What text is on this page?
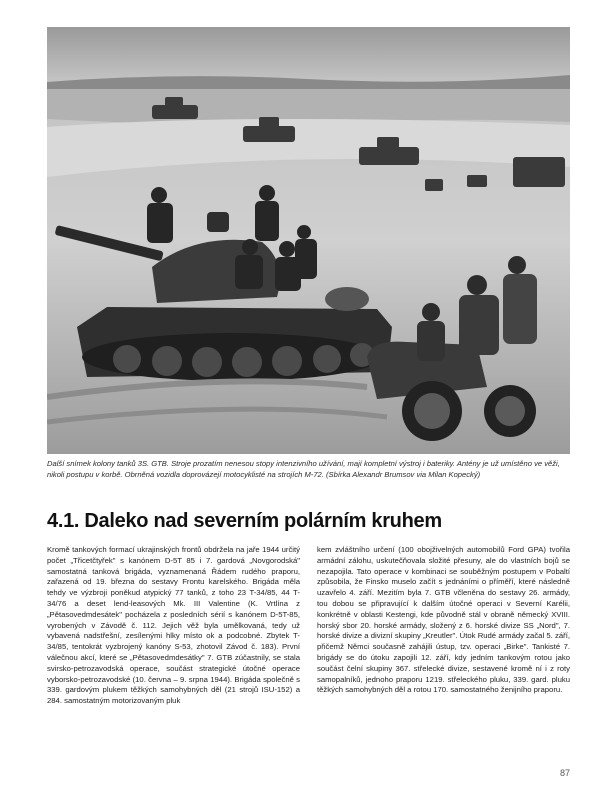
Další snímek kolony tanků 3S. GTB. Stroje prozatím nenesou stopy intenzivního užívání, mají kompletní výstroj i bateriky. Antény je už umístěno ve věži, nikoli postupu v korbě. Obrněná vozidla doprovázejí motocyklisté na strojích M-72. (Sbírka Alexandr Brumsov via Milan Kopecký)

4.1. Daleko nad severním polárním kruhem

Kromě tankových formací ukrajinských frontů obdržela na jaře 1944 určitý počet „Třicetčtyřek" s kanónem D-5T 85 i 7. gardová „Novgorodská" samostatná tanková brigáda, vyznamenaná Řádem rudého praporu, zařazená od 19. března do sestavy Frontu karelského. Brigáda měla tehdy ve výzbroji poněkud atypický 77 tanků, z toho 23 T-34/85, 44 T-34/76 a deset lend-leasových Mk. III Valentine (K. Vrtlína z „Pětasovedmdesátek" pocházela z posledních sérií s kanónem D-5T-85, vyrobených v Závodě č. 112. Jejich věž byla umělkovaná, tedy už vybavená nadstřešní, zesílenými hlky místo ok a podcobné. Zbytek T-34/85, tentokrát vyzbrojený kanóny S-53, zhotovil Závod č. 183). První válečnou akcí, které se „Pětasovedmdesátky" 7. GTB zúčastnily, se stala svirsko-petrozavodská operace, součást strategické útočné operace vyborsko-petrozavodské (10. června – 9. srpna 1944). Brigáda společně s 339. gardovým plukem těžkých samohybných děl (21 strojů ISU-152) a 284. samostatným motorizovaným pluk

kem zvláštního určení (100 obojživelných automobilů Ford GPA) tvořila armádní zálohu, uskutečňovala složité přesuny, ale do vlastních bojů se nezapojila. Tato operace v kombinaci se souběžným postupem v Pobaltí způsobila, že Finsko muselo začít s jednáními o příměří, které následně uzavřelo 4. září. Mezitím byla 7. GTB včleněna do sestavy 26. armády, tou dobou se připravující k dalším útočné operaci v Severní Karélii, konkrétně v oblasti Kestengi, kde původně stál v obraně německý XVIII. horský sbor 20. horské armády, složený z 6. horské divize SS „Nord", 7. horské divize a divizní skupiny „Kreutler". Útok Rudé armády začal 5. září, přičemž Němci současně zahájili ústup, tzv. operaci „Birke". Tankisté 7. brigády se do útoku zapojili 12. září, kdy jedním tankovým rotou jako součást čelní skupiny 367. střelecké divize, sestavené kromě ní i z roty samopalníků, jednoho praporu 1219. střeleckého pluku, 339. gard. pluku těžkých samohybných děl a rotou 170. samostatného ženijního praporu.

87
